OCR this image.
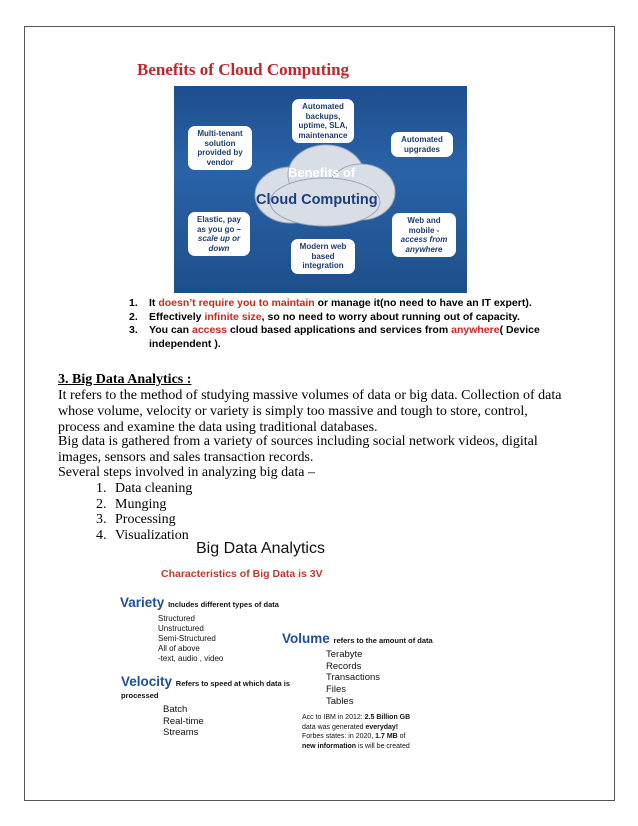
Benefits of Cloud Computing
Benefits of
Cloud Computing
Automated backups, uptime, SLA, maintenance
Multi-tenant solution provided by vendor
Automated upgrades
Elastic, pay as you go – scale up or down	Modern web based integration
Web and mobile - access from anywhere
1.	It doesn’t require you to maintain or manage it(no need to have an IT expert).
2.	Effectively infinite size, so no need to worry about running out of capacity.
3.	You can access cloud based applications and services from anywhere( Device independent ).
3. Big Data Analytics :
It refers to the method of studying massive volumes of data or big data. Collection of data whose volume, velocity or variety is simply too massive and tough to store, control, process and examine the data using traditional databases.
Big data is gathered from a variety of sources including social network videos, digital images, sensors and sales transaction records.
Several steps involved in analyzing big data –
1. Data cleaning
2. Munging
3. Processing
4. Visualization
Big Data Analytics
Characteristics of Big Data is 3V
Variety Includes different types of data
Structured
Unstructured
Semi-Structured
All of above
-text, audio , video
Volume refers to the amount of data
Terabyte
Records
Transactions
Files
Tables
Velocity Refers to speed at which data is processed
Batch
Real-time
Streams
Acc to IBM in 2012: 2.5 Billion GB
data was generated everyday!
Forbes states: in 2020, 1.7 MB of
new information is will be created
